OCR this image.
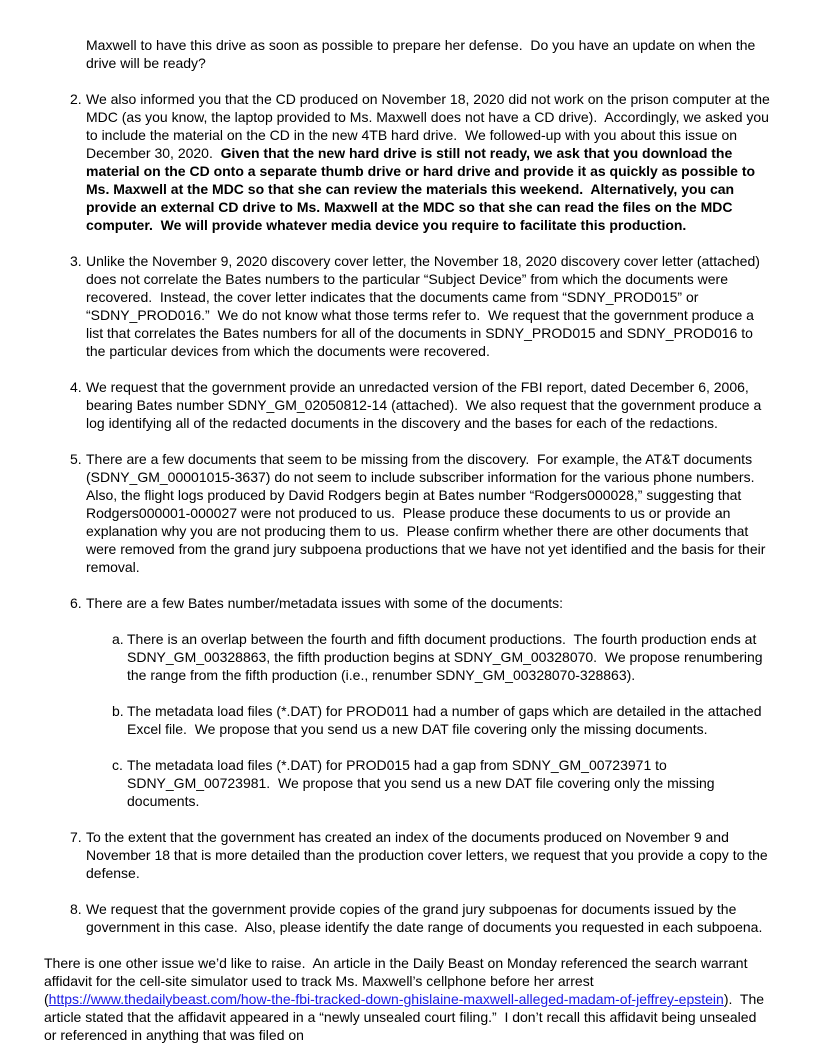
Maxwell to have this drive as soon as possible to prepare her defense.  Do you have an update on when the drive will be ready?
2. We also informed you that the CD produced on November 18, 2020 did not work on the prison computer at the MDC (as you know, the laptop provided to Ms. Maxwell does not have a CD drive).  Accordingly, we asked you to include the material on the CD in the new 4TB hard drive.  We followed-up with you about this issue on December 30, 2020.  Given that the new hard drive is still not ready, we ask that you download the material on the CD onto a separate thumb drive or hard drive and provide it as quickly as possible to Ms. Maxwell at the MDC so that she can review the materials this weekend.  Alternatively, you can provide an external CD drive to Ms. Maxwell at the MDC so that she can read the files on the MDC computer.  We will provide whatever media device you require to facilitate this production.
3. Unlike the November 9, 2020 discovery cover letter, the November 18, 2020 discovery cover letter (attached) does not correlate the Bates numbers to the particular “Subject Device” from which the documents were recovered.  Instead, the cover letter indicates that the documents came from “SDNY_PROD015” or “SDNY_PROD016.”  We do not know what those terms refer to.  We request that the government produce a list that correlates the Bates numbers for all of the documents in SDNY_PROD015 and SDNY_PROD016 to the particular devices from which the documents were recovered.
4. We request that the government provide an unredacted version of the FBI report, dated December 6, 2006, bearing Bates number SDNY_GM_02050812-14 (attached).  We also request that the government produce a log identifying all of the redacted documents in the discovery and the bases for each of the redactions.
5. There are a few documents that seem to be missing from the discovery.  For example, the AT&T documents (SDNY_GM_00001015-3637) do not seem to include subscriber information for the various phone numbers.  Also, the flight logs produced by David Rodgers begin at Bates number “Rodgers000028,” suggesting that Rodgers000001-000027 were not produced to us.  Please produce these documents to us or provide an explanation why you are not producing them to us.  Please confirm whether there are other documents that were removed from the grand jury subpoena productions that we have not yet identified and the basis for their removal.
6. There are a few Bates number/metadata issues with some of the documents:
a. There is an overlap between the fourth and fifth document productions.  The fourth production ends at SDNY_GM_00328863, the fifth production begins at SDNY_GM_00328070.  We propose renumbering the range from the fifth production (i.e., renumber SDNY_GM_00328070-328863).
b. The metadata load files (*.DAT) for PROD011 had a number of gaps which are detailed in the attached Excel file.  We propose that you send us a new DAT file covering only the missing documents.
c. The metadata load files (*.DAT) for PROD015 had a gap from SDNY_GM_00723971 to SDNY_GM_00723981.  We propose that you send us a new DAT file covering only the missing documents.
7. To the extent that the government has created an index of the documents produced on November 9 and November 18 that is more detailed than the production cover letters, we request that you provide a copy to the defense.
8. We request that the government provide copies of the grand jury subpoenas for documents issued by the government in this case.  Also, please identify the date range of documents you requested in each subpoena.
There is one other issue we’d like to raise.  An article in the Daily Beast on Monday referenced the search warrant affidavit for the cell-site simulator used to track Ms. Maxwell’s cellphone before her arrest (https://www.thedailybeast.com/how-the-fbi-tracked-down-ghislaine-maxwell-alleged-madam-of-jeffrey-epstein).  The article stated that the affidavit appeared in a “newly unsealed court filing.”  I don’t recall this affidavit being unsealed or referenced in anything that was filed on
